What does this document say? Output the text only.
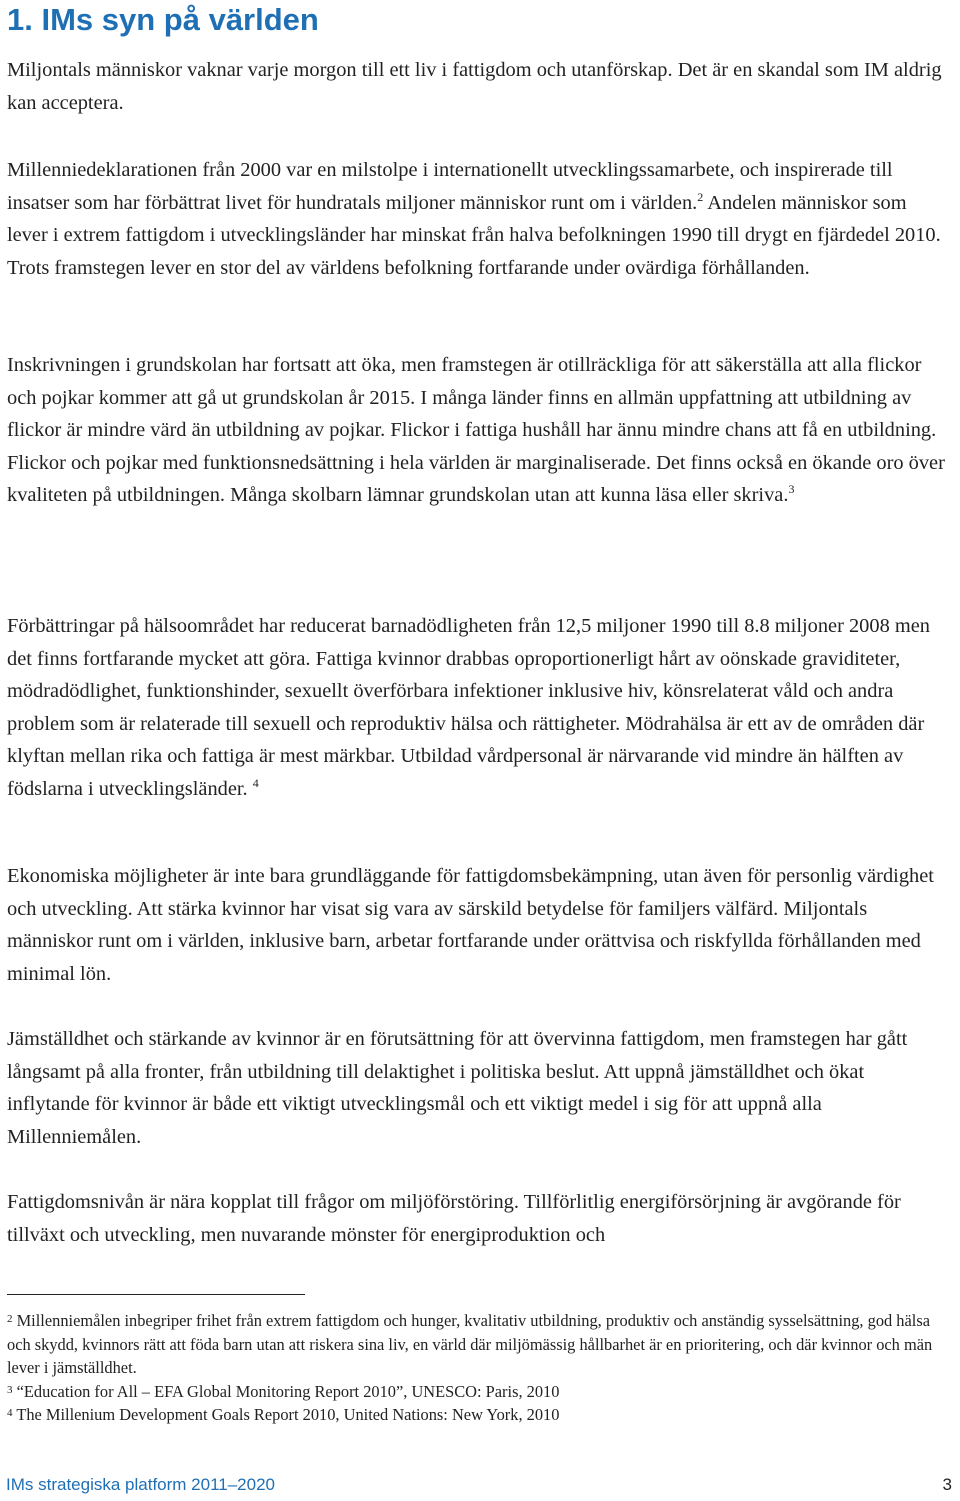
1. IMs syn på världen

Miljontals människor vaknar varje morgon till ett liv i fattigdom och utanförskap. Det är en skandal som IM aldrig kan acceptera.

Millenniedeklarationen från 2000 var en milstolpe i internationellt utvecklingssamarbete, och inspirerade till insatser som har förbättrat livet för hundratals miljoner människor runt om i världen.$^2$ Andelen människor som lever i extrem fattigdom i utvecklingsländer har minskat från halva befolkningen 1990 till drygt en fjärdedel 2010. Trots framstegen lever en stor del av världens befolkning fortfarande under ovärdiga förhållanden.

Inskrivningen i grundskolan har fortsatt att öka, men framstegen är otillräckliga för att säkerställa att alla flickor och pojkar kommer att gå ut grundskolan år 2015. I många länder finns en allmän uppfattning att utbildning av flickor är mindre värd än utbildning av pojkar. Flickor i fattiga hushåll har ännu mindre chans att få en utbildning. Flickor och pojkar med funktionsnedsättning i hela världen är marginaliserade. Det finns också en ökande oro över kvaliteten på utbildningen. Många skolbarn lämnar grundskolan utan att kunna läsa eller skriva.$^3$

Förbättringar på hälsoområdet har reducerat barnadödligheten från 12,5 miljoner 1990 till 8.8 miljoner 2008 men det finns fortfarande mycket att göra. Fattiga kvinnor drabbas oproportionerligt hårt av oönskade graviditeter, mödradödlighet, funktionshinder, sexuellt överförbara infektioner inklusive hiv, könsrelaterat våld och andra problem som är relaterade till sexuell och reproduktiv hälsa och rättigheter. Mödrahälsa är ett av de områden där klyftan mellan rika och fattiga är mest märkbar. Utbildad vårdpersonal är närvarande vid mindre än hälften av födslarna i utvecklingsländer. $^4$

Ekonomiska möjligheter är inte bara grundläggande för fattigdomsbekämpning, utan även för personlig värdighet och utveckling. Att stärka kvinnor har visat sig vara av särskild betydelse för familjers välfärd. Miljontals människor runt om i världen, inklusive barn, arbetar fortfarande under orättvisa och riskfyllda förhållanden med minimal lön.

Jämställdhet och stärkande av kvinnor är en förutsättning för att övervinna fattigdom, men framstegen har gått långsamt på alla fronter, från utbildning till delaktighet i politiska beslut. Att uppnå jämställdhet och ökat inflytande för kvinnor är både ett viktigt utvecklingsmål och ett viktigt medel i sig för att uppnå alla Millenniemålen.

Fattigdomsnivån är nära kopplat till frågor om miljöförstöring. Tillförlitlig energiförsörjning är avgörande för tillväxt och utveckling, men nuvarande mönster för energiproduktion och

$^2$ Millenniemålen inbegriper frihet från extrem fattigdom och hunger, kvalitativ utbildning, produktiv och anständig sysselsättning, god hälsa och skydd, kvinnors rätt att föda barn utan att riskera sina liv, en värld där miljömässig hållbarhet är en prioritering, och där kvinnor och män lever i jämställdhet.

$^3$ “Education for All – EFA Global Monitoring Report 2010”, UNESCO: Paris, 2010

$^4$ The Millenium Development Goals Report 2010, United Nations: New York, 2010

IMs strategiska platform 2011–2020	3
